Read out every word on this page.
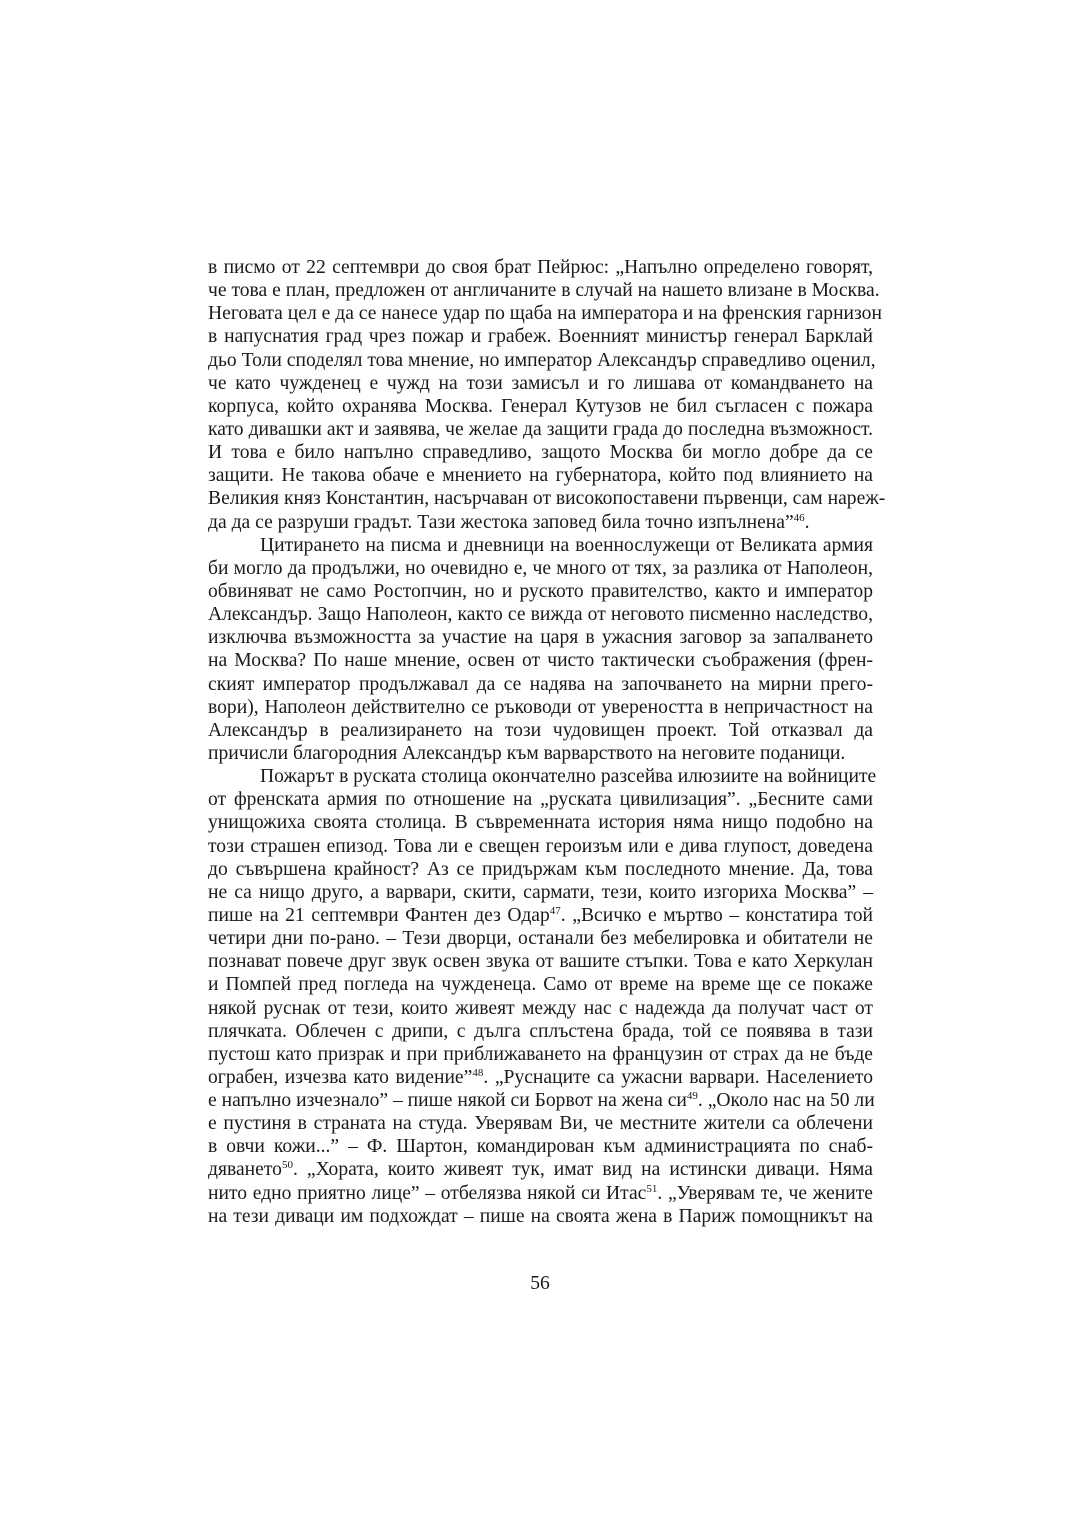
в писмо от 22 септември до своя брат Пейрюс: „Напълно определено говорят,
че това е план, предложен от англичаните в случай на нашето влизане в Москва.
Неговата цел е да се нанесе удар по щаба на императора и на френския гарнизон
в напуснатия град чрез пожар и грабеж. Военният министър генерал Барклай
дьо Толи споделял това мнение, но император Александър справедливо оценил,
че като чужденец е чужд на този замисъл и го лишава от командването на
корпуса, който охранява Москва. Генерал Кутузов не бил съгласен с пожара
като дивашки акт и заявява, че желае да защити града до последна възможност.
И това е било напълно справедливо, защото Москва би могло добре да се
защити. Не такова обаче е мнението на губернатора, който под влиянието на
Великия княз Константин, насърчаван от високопоставени първенци, сам нареж-
да да се разруши градът. Тази жестока заповед била точно изпълнена”$^{46}$.
Цитирането на писма и дневници на военнослужещи от Великата армия
би могло да продължи, но очевидно е, че много от тях, за разлика от Наполеон,
обвиняват не само Ростопчин, но и руското правителство, както и император
Александър. Защо Наполеон, както се вижда от неговото писменно наследство,
изключва възможността за участие на царя в ужасния заговор за запалването
на Москва? По наше мнение, освен от чисто тактически съображения (френ-
ският император продължавал да се надява на започването на мирни прего-
вори), Наполеон действително се ръководи от увереността в непричастност на
Александър в реализирането на този чудовищен проект. Той отказвал да
причисли благородния Александър към варварството на неговите поданици.
Пожарът в руската столица окончателно разсейва илюзиите на войниците
от френската армия по отношение на „руската цивилизация”. „Бесните сами
унищожиха своята столица. В съвременната история няма нищо подобно на
този страшен епизод. Това ли е свещен героизъм или е дива глупост, доведена
до съвършена крайност? Аз се придържам към последното мнение. Да, това
не са нищо друго, а варвари, скити, сармати, тези, които изгориха Москва” –
пише на 21 септември Фантен дез Одар$^{47}$. „Всичко е мъртво – констатира той
четири дни по-рано. – Тези дворци, останали без мебелировка и обитатели не
познават повече друг звук освен звука от вашите стъпки. Това е като Херкулан
и Помпей пред погледа на чужденеца. Само от време на време ще се покаже
някой руснак от тези, които живеят между нас с надежда да получат част от
плячката. Облечен с дрипи, с дълга сплъстена брада, той се появява в тази
пустош като призрак и при приближаването на французин от страх да не бъде
ограбен, изчезва като видение”$^{48}$. „Руснаците са ужасни варвари. Населението
е напълно изчезнало” – пише някой си Борвот на жена си$^{49}$. „Около нас на 50 ли
е пустиня в страната на студа. Уверявам Ви, че местните жители са облечени
в овчи кожи...” – Ф. Шартон, командирован към администрацията по снаб-
дяването$^{50}$. „Хората, които живеят тук, имат вид на истински диваци. Няма
нито едно приятно лице” – отбелязва някой си Итас$^{51}$. „Уверявам те, че жените
на тези диваци им подхождат – пише на своята жена в Париж помощникът на
56
